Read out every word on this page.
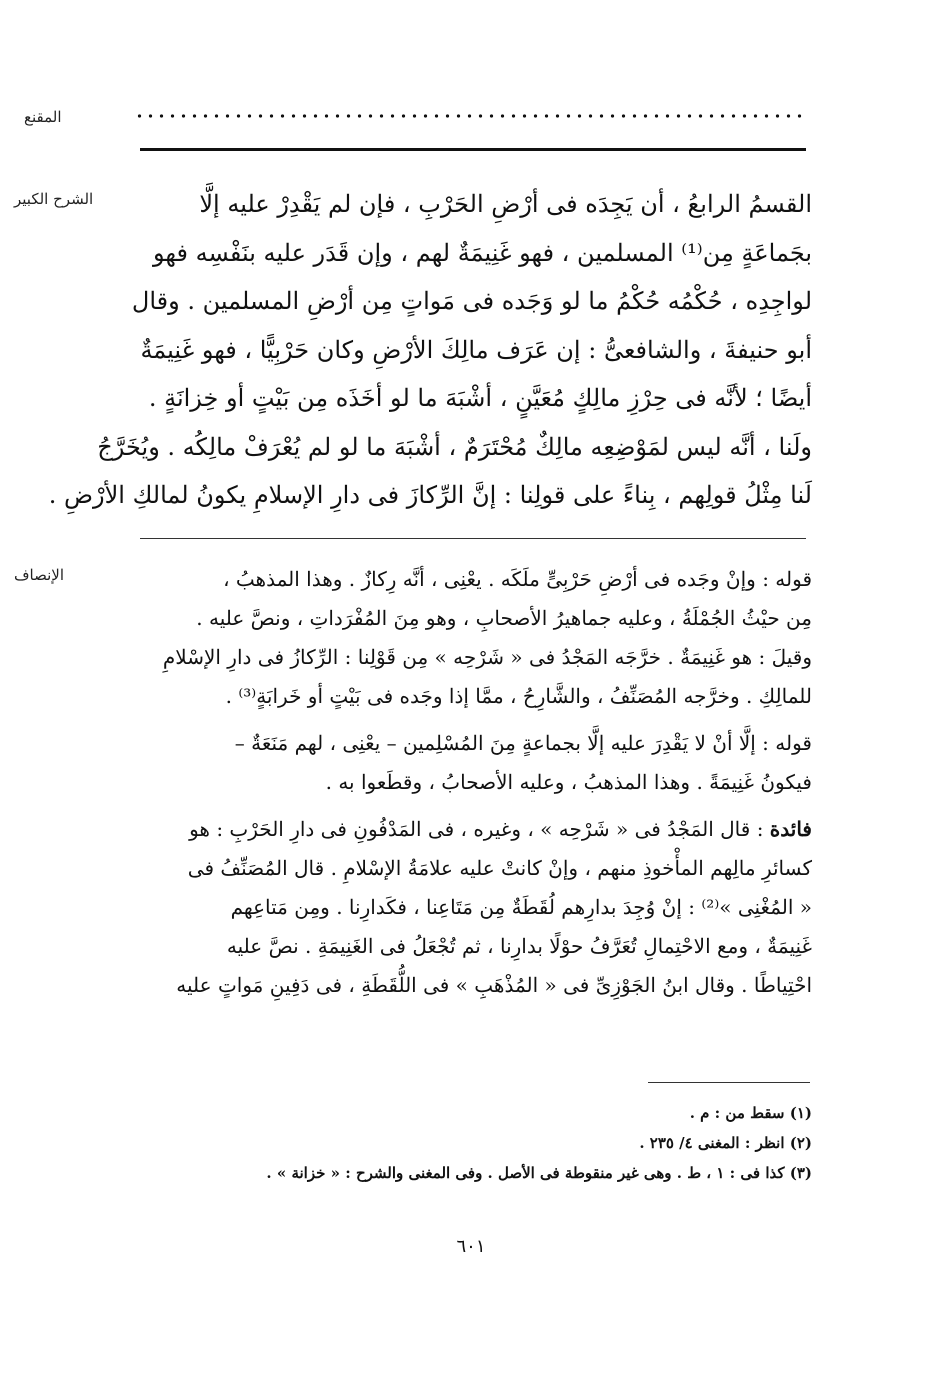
المقنع
الشرح الكبير	القسمُ الرابعُ ، أن يَجِدَه فى أرْضِ الحَرْبِ ، فإن لم يَقْدِرْ عليه إلَّا
بجَماعَةٍ مِن⁽¹⁾ المسلمين ، فهو غَنِيمَةٌ لهم ، وإن قَدَر عليه بنَفْسِه فهو
لواجِدِه ، حُكْمُه حُكْمُ ما لو وَجَده فى مَواتٍ مِن أرْضِ المسلمين . وقال
أبو حنيفةَ ، والشافعىُّ : إن عَرَف مالِكَ الأرْضِ وكان حَرْبِيًّا ، فهو غَنِيمَةٌ
أيضًا ؛ لأنَّه فى حِرْزِ مالِكٍ مُعَيَّنٍ ، أشْبَهَ ما لو أخَذَه مِن بَيْتٍ أو خِزانَةٍ .
ولَنا ، أنَّه ليس لمَوْضِعِه مالِكٌ مُحْتَرَمٌ ، أشْبَهَ ما لو لم يُعْرَفْ مالِكُه . ويُخَرَّجُ
لَنا مِثْلُ قولِهم ، بِناءً على قولِنا : إنَّ الرِّكازَ فى دارِ الإسلامِ يكونُ لمالكِ الأرْضِ .

الإنصاف	قوله : وإنْ وجَده فى أرْضِ حَرْبِىٍّ ملَكَه . يعْنِى ، أنَّه رِكازٌ . وهذا المذهبُ ،
مِن حيْثُ الجُمْلَةُ ، وعليه جماهيرُ الأصحابِ ، وهو مِنَ المُفْرَداتِ ، ونصَّ عليه .
وقيلَ : هو غَنِيمَةٌ . خرَّجَه المَجْدُ فى « شَرْحِه » مِن قَوْلِنا : الرِّكازُ فى دارِ الإسْلامِ
للمالِكِ . وخرَّجه المُصَنِّفُ ، والشَّارِحُ ، ممَّا إذا وجَده فى بَيْتٍ أو خَرابَةٍ⁽³⁾ .

قوله : إلَّا أنْ لا يَقْدِرَ عليه إلَّا بجماعةٍ مِنَ المُسْلِمين – يعْنِى ، لهم مَنَعَةٌ –
فيكونُ غَنِيمَةً . وهذا المذهبُ ، وعليه الأصحابُ ، وقطَعوا به .

فائدة : قال المَجْدُ فى « شَرْحِه » ، وغيره ، فى المَدْفُونِ فى دارِ الحَرْبِ : هو
كسائرِ مالِهم المأْخوذِ منهم ، وإنْ كانتْ عليه علامَةُ الإسْلامِ . قال المُصَنِّفُ فى
« المُغْنِى »⁽²⁾ : إنْ وُجِدَ بدارِهم لُقَطَةٌ مِن مَتَاعِنا ، فكَدارِنا . ومِن مَتاعِهم
غَنِيمَةٌ ، ومع الاحْتِمالِ تُعَرَّفُ حوْلًا بدارِنا ، ثم تُجْعَلُ فى الغَنِيمَةِ . نصَّ عليه
احْتِياطًا . وقال ابنُ الجَوْزِىِّ فى « المُذْهَبِ » فى اللُّقَطَةِ ، فى دَفِينِ مَواتٍ عليه

(١) سقط من : م .
(٢) انظر : المغنى ٤/ ٢٣٥ .
(٣) كذا فى : ١ ، ط . وهى غير منقوطة فى الأصل . وفى المغنى والشرح : « خزانة » .
٦٠١
